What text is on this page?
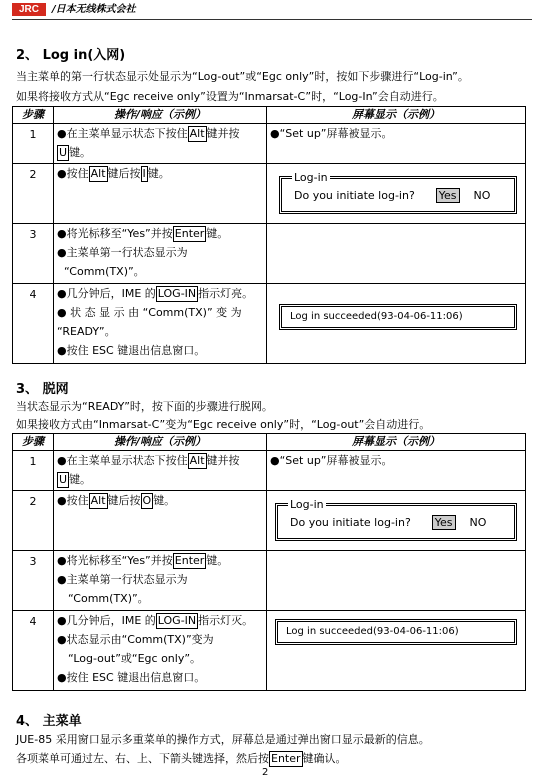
JRC	/日本无线株式会社
2、 Log in(入网)
当主菜单的第一行状态显示处显示为“Log-out”或“Egc only”时，按如下步骤进行“Log-in”。
如果将接收方式从“Egc receive only”设置为“Inmarsat-C”时，“Log-In”会自动进行。
步骤	操作/响应（示例）	屏幕显示（示例）
1	●在主菜单显示状态下按住 Alt 键并按
U 键。	●“Set up”屏幕被显示。

2	●按住 Alt 键后按 I 键。	Log-in
Do you initiate log-in? Yes NO

3	●将光标移至“Yes”并按 Enter 键。
●主菜单第一行状态显示为
“Comm(TX)”。	

4	●几分钟后，IME 的 LOG-IN 指示灯亮。
● 状 态 显 示 由 “Comm(TX)” 变 为
“READY”。
●按住 ESC 键退出信息窗口。	Log in succeeded(93-04-06-11:06)
3、 脱网
当状态显示为“READY”时，按下面的步骤进行脱网。
如果接收方式由“Inmarsat-C”变为“Egc receive only”时，“Log-out”会自动进行。
步骤	操作/响应（示例）	屏幕显示（示例）
1	●在主菜单显示状态下按住 Alt 键并按
U 键。	●“Set up”屏幕被显示。

2	●按住 Alt 键后按 O 键。	Log-in
Do you initiate log-in? Yes NO

3	●将光标移至“Yes”并按 Enter 键。
●主菜单第一行状态显示为
“Comm(TX)”。	

4	●几分钟后，IME 的 LOG-IN 指示灯灭。
●状态显示由“Comm(TX)”变为
“Log-out”或“Egc only”。
●按住 ESC 键退出信息窗口。	Log in succeeded(93-04-06-11:06)
4、 主菜单
JUE-85 采用窗口显示多重菜单的操作方式，屏幕总是通过弹出窗口显示最新的信息。
各项菜单可通过左、右、上、下箭头键选择，然后按 Enter 键确认。
2
